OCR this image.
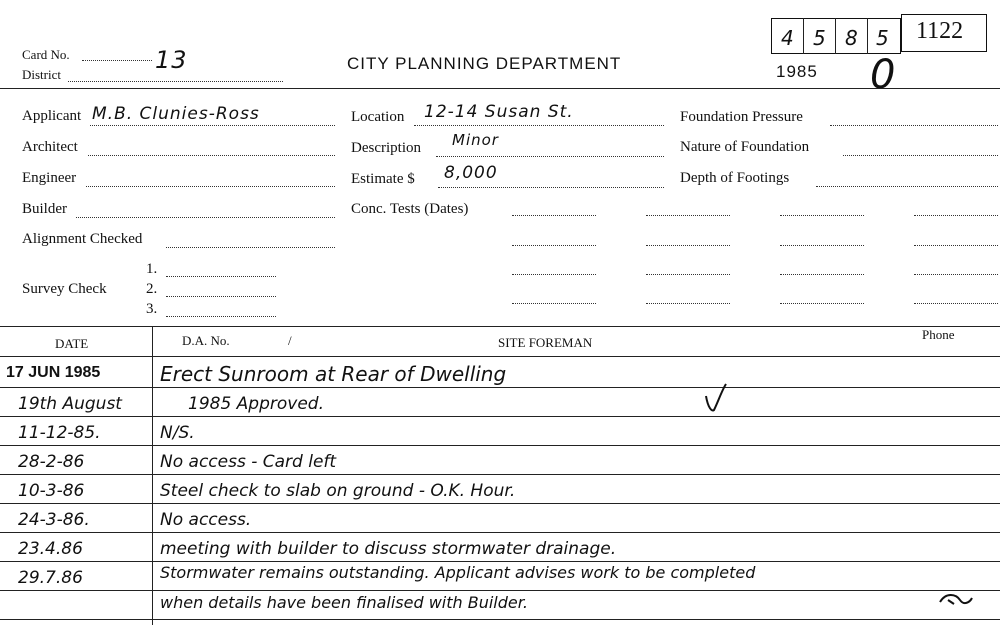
Card No.	13
District
CITY PLANNING DEPARTMENT
4 5 8 5 1122
1985 0
Applicant M.B. Clunies-Ross
Architect
Engineer
Builder
Alignment Checked
Survey Check
1.
2.
3.
Location 12-14 Susan St.
Description Minor
Estimate $ 8,000
Conc. Tests (Dates)
Foundation Pressure
Nature of Foundation
Depth of Footings
DATE	D.A. No.	/	SITE FOREMAN
Phone
17 JUN 1985	Erect Sunroom at Rear of Dwelling
19th August	1985 Approved.
11-12-85.	N/S.
28-2-86	No access - Card left
10-3-86	Steel check to slab on ground - O.K. Hour.
24-3-86.	No access.
23.4.86	meeting with builder to discuss stormwater drainage.
29.7.86	Stormwater remains outstanding. Applicant advises work to be completed
when details have been finalised with Builder.
